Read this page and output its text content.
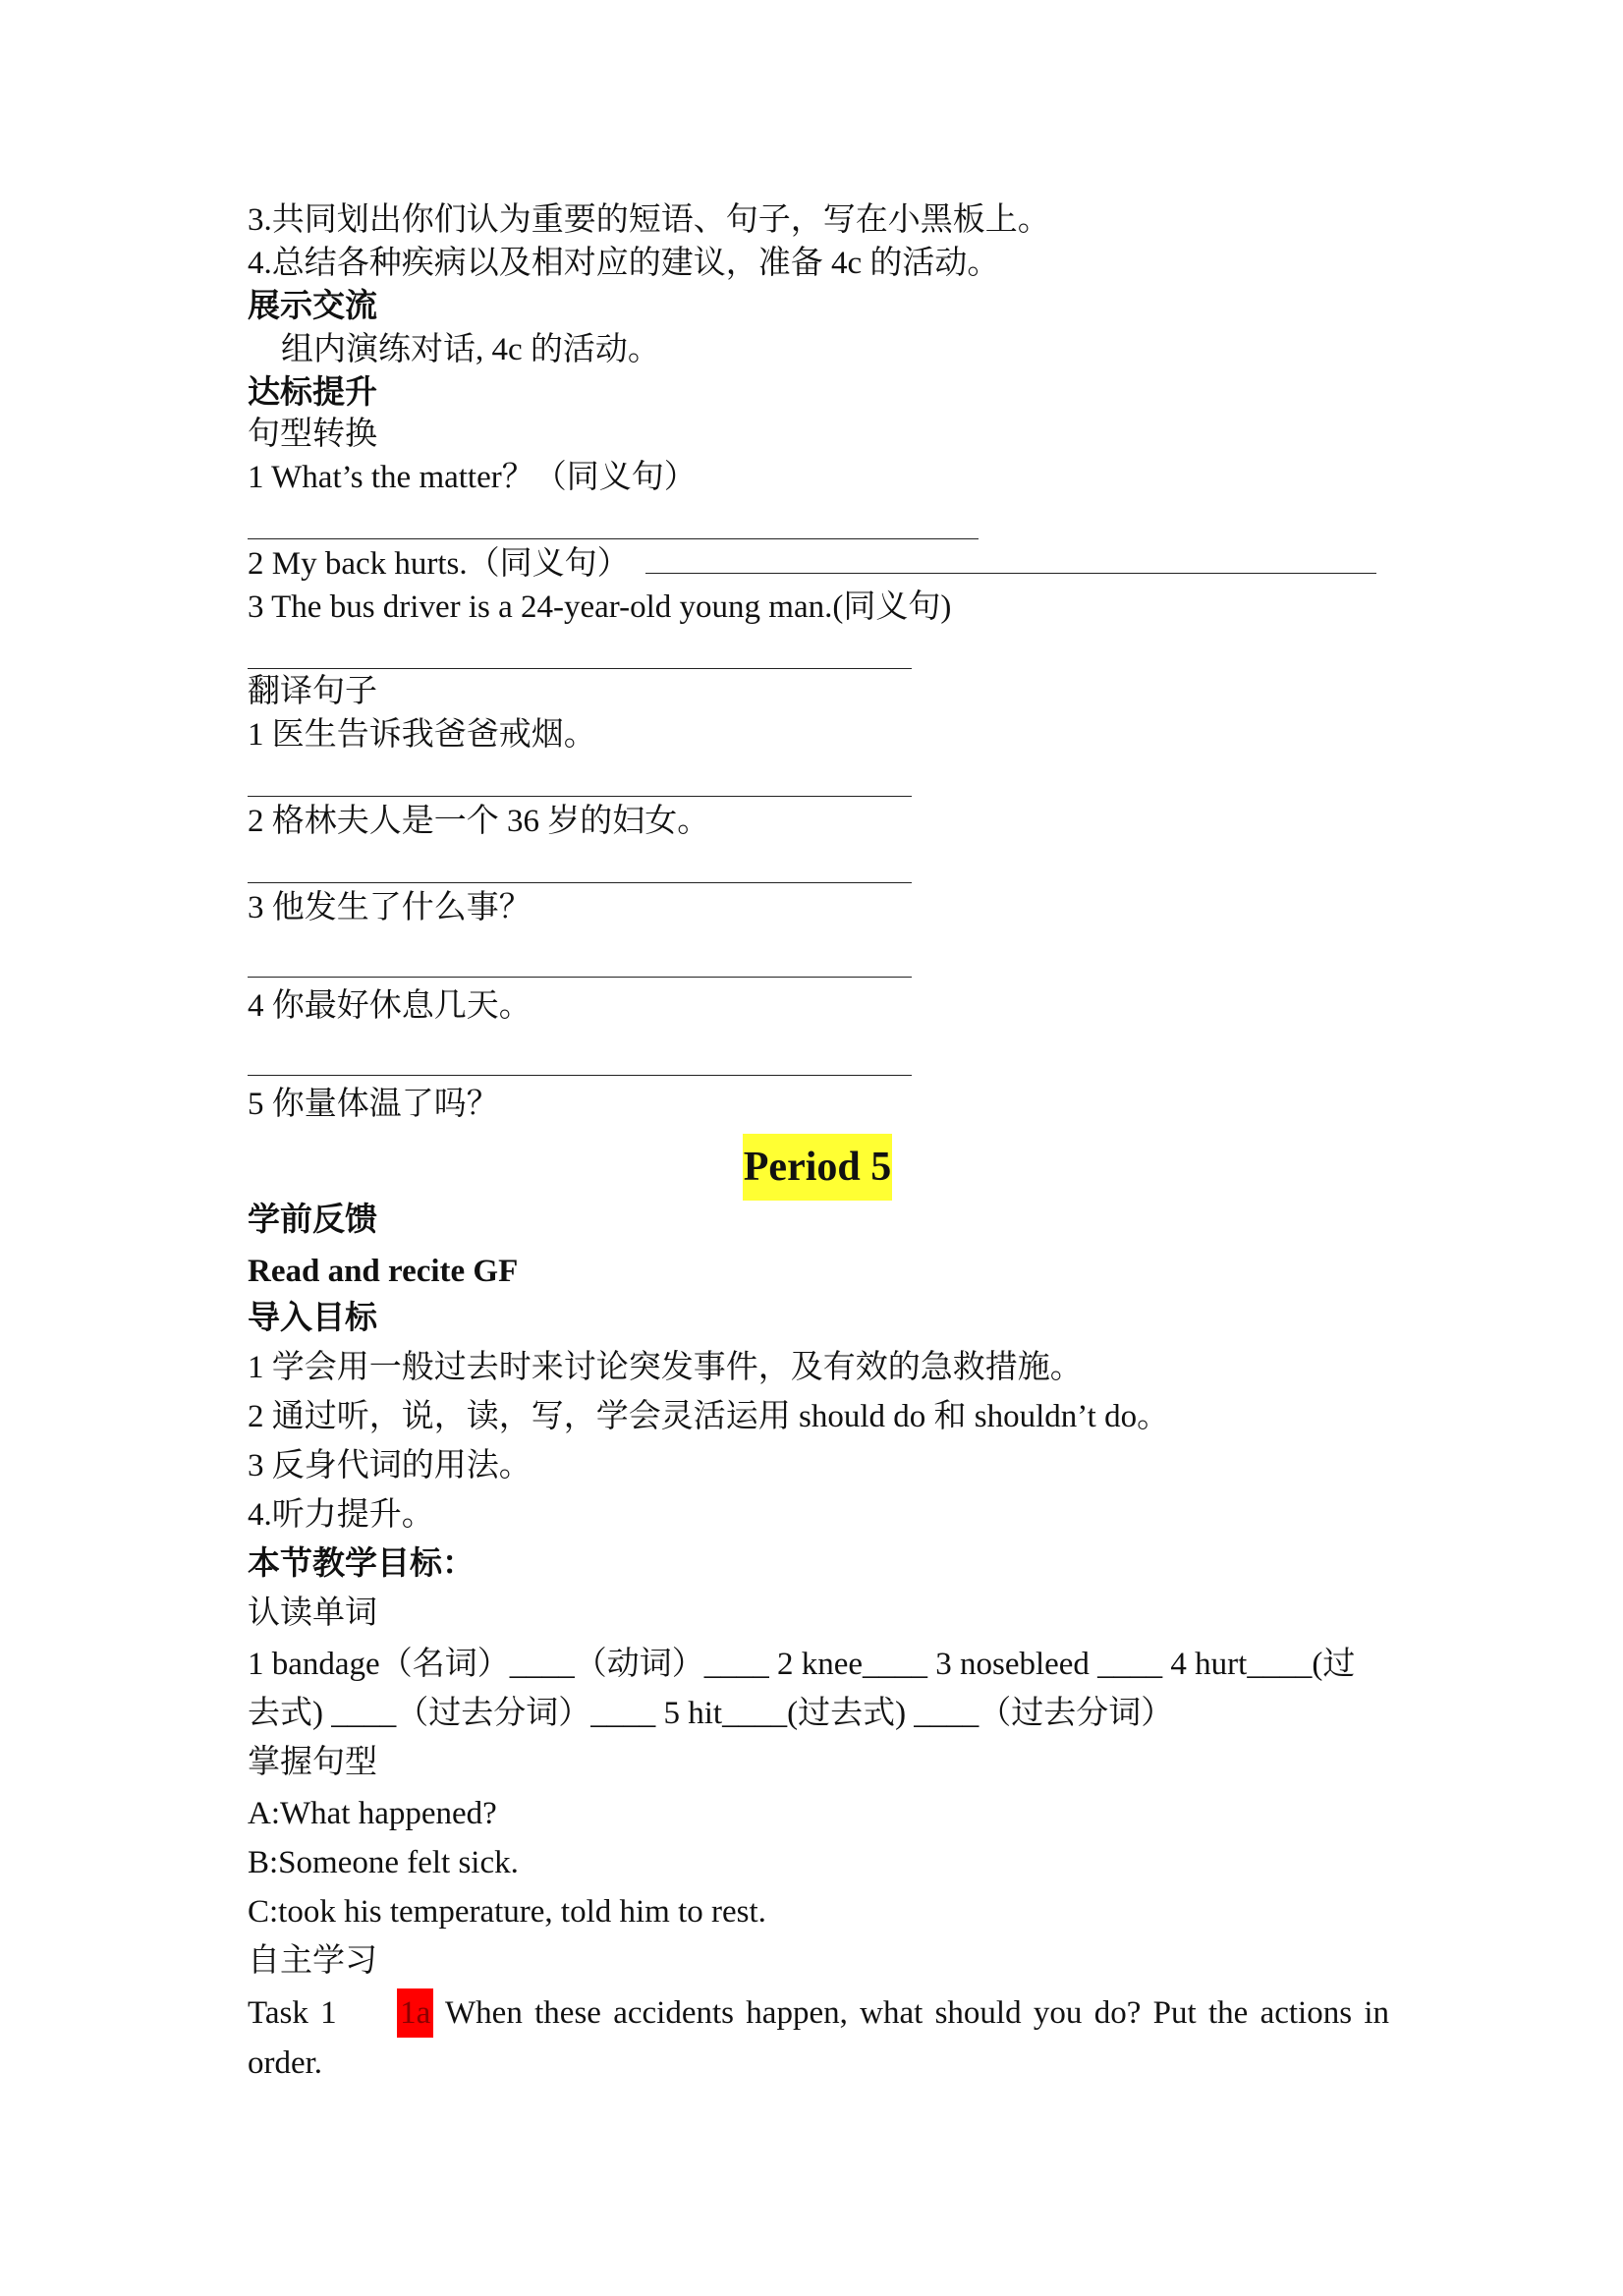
3.共同划出你们认为重要的短语、句子，写在小黑板上。
4.总结各种疾病以及相对应的建议，准备 4c 的活动。
展示交流
组内演练对话, 4c 的活动。
达标提升
句型转换
1 What’s the matter？（同义句）
2 My back hurts.（同义句）
3 The bus driver is a 24-year-old young man.(同义句)
翻译句子
1 医生告诉我爸爸戒烟。
2 格林夫人是一个 36 岁的妇女。
3 他发生了什么事？
4 你最好休息几天。
5 你量体温了吗？
Period 5
学前反馈
Read and recite GF
导入目标
1 学会用一般过去时来讨论突发事件，及有效的急救措施。
2 通过听，说，读，写，学会灵活运用 should do 和 shouldn’t do。
3 反身代词的用法。
4.听力提升。
本节教学目标：
认读单词
1 bandage（名词）____（动词）____ 2 knee____ 3 nosebleed ____ 4 hurt____(过
去式) ____（过去分词）____ 5 hit____(过去式) ____（过去分词）
掌握句型
A:What happened?
B:Someone felt sick.
C:took his temperature, told him to rest.
自主学习
Task 1 1a When these accidents happen, what should you do? Put the actions in
order.
